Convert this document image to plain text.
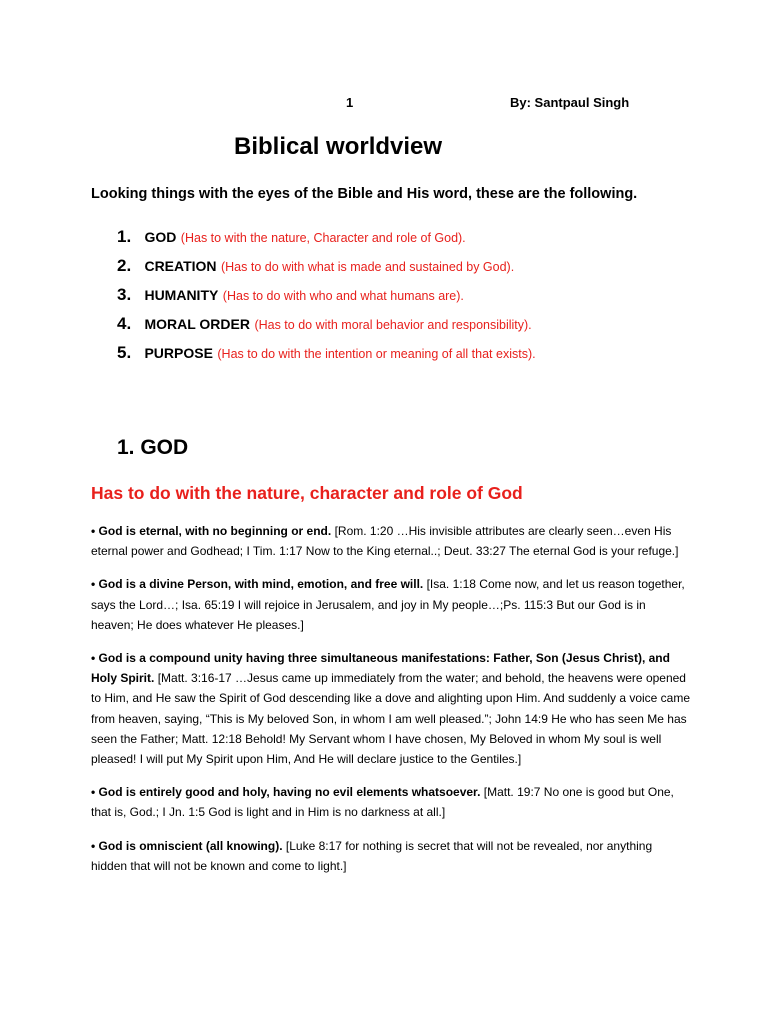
1	By: Santpaul Singh
Biblical worldview

Looking things with the eyes of the Bible and His word, these are the following.

1. GOD (Has to with the nature, Character and role of God).
2. CREATION (Has to do with what is made and sustained by God).
3. HUMANITY (Has to do with who and what humans are).
4. MORAL ORDER (Has to do with moral behavior and responsibility).
5. PURPOSE (Has to do with the intention or meaning of all that exists).
1. GOD
Has to do with the nature, character and role of God
• God is eternal, with no beginning or end. [Rom. 1:20 …His invisible attributes are clearly seen…even His eternal power and Godhead; I Tim. 1:17 Now to the King eternal..; Deut. 33:27 The eternal God is your refuge.]
• God is a divine Person, with mind, emotion, and free will. [Isa. 1:18 Come now, and let us reason together, says the Lord…; Isa. 65:19 I will rejoice in Jerusalem, and joy in My people…;Ps. 115:3 But our God is in heaven; He does whatever He pleases.]
• God is a compound unity having three simultaneous manifestations: Father, Son (Jesus Christ), and Holy Spirit. [Matt. 3:16-17 …Jesus came up immediately from the water; and behold, the heavens were opened to Him, and He saw the Spirit of God descending like a dove and alighting upon Him. And suddenly a voice came from heaven, saying, “This is My beloved Son, in whom I am well pleased.”; John 14:9 He who has seen Me has seen the Father; Matt. 12:18 Behold! My Servant whom I have chosen, My Beloved in whom My soul is well pleased! I will put My Spirit upon Him, And He will declare justice to the Gentiles.]
• God is entirely good and holy, having no evil elements whatsoever. [Matt. 19:7 No one is good but One, that is, God.; I Jn. 1:5 God is light and in Him is no darkness at all.]
• God is omniscient (all knowing). [Luke 8:17 for nothing is secret that will not be revealed, nor anything hidden that will not be known and come to light.]
